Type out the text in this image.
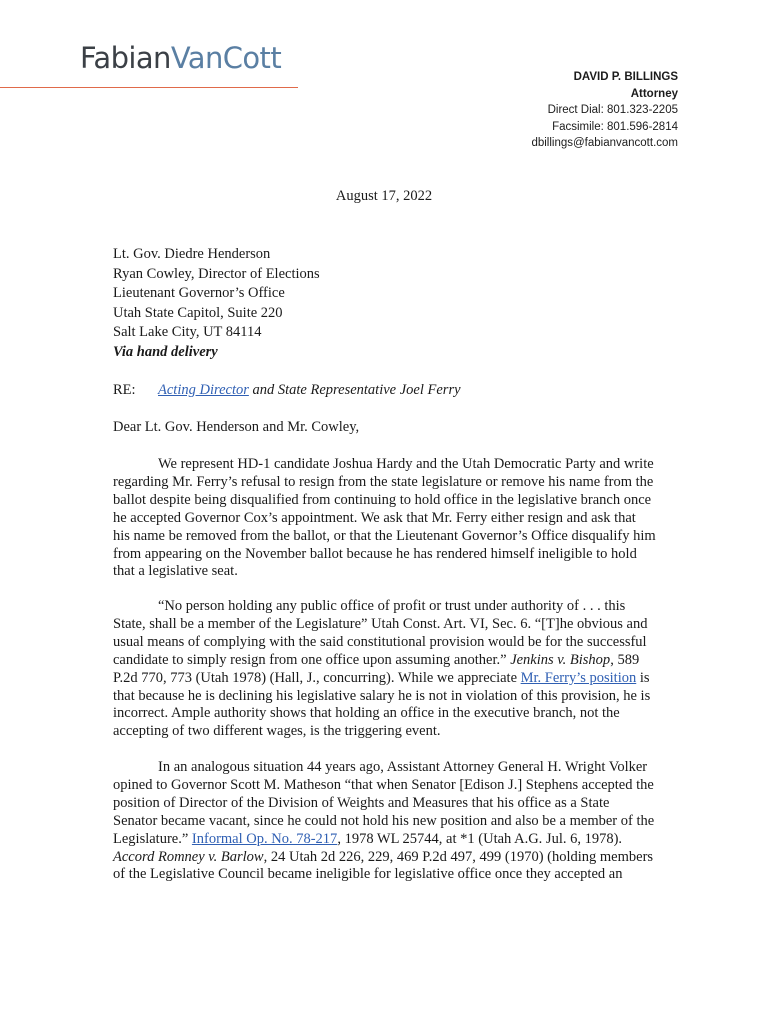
FabianVanCott
DAVID P. BILLINGS
Attorney
Direct Dial: 801.323-2205
Facsimile: 801.596-2814
dbillings@fabianvancott.com
August 17, 2022
Lt. Gov. Diedre Henderson
Ryan Cowley, Director of Elections
Lieutenant Governor’s Office
Utah State Capitol, Suite 220
Salt Lake City, UT 84114
Via hand delivery
RE: Acting Director and State Representative Joel Ferry
Dear Lt. Gov. Henderson and Mr. Cowley,
We represent HD-1 candidate Joshua Hardy and the Utah Democratic Party and write
regarding Mr. Ferry’s refusal to resign from the state legislature or remove his name from the
ballot despite being disqualified from continuing to hold office in the legislative branch once
he accepted Governor Cox’s appointment. We ask that Mr. Ferry either resign and ask that
his name be removed from the ballot, or that the Lieutenant Governor’s Office disqualify him
from appearing on the November ballot because he has rendered himself ineligible to hold
that a legislative seat.
“No person holding any public office of profit or trust under authority of . . . this
State, shall be a member of the Legislature” Utah Const. Art. VI, Sec. 6. “[T]he obvious and
usual means of complying with the said constitutional provision would be for the successful
candidate to simply resign from one office upon assuming another.” Jenkins v. Bishop, 589
P.2d 770, 773 (Utah 1978) (Hall, J., concurring). While we appreciate Mr. Ferry’s position is
that because he is declining his legislative salary he is not in violation of this provision, he is
incorrect. Ample authority shows that holding an office in the executive branch, not the
accepting of two different wages, is the triggering event.
In an analogous situation 44 years ago, Assistant Attorney General H. Wright Volker
opined to Governor Scott M. Matheson “that when Senator [Edison J.] Stephens accepted the
position of Director of the Division of Weights and Measures that his office as a State
Senator became vacant, since he could not hold his new position and also be a member of the
Legislature.” Informal Op. No. 78-217, 1978 WL 25744, at *1 (Utah A.G. Jul. 6, 1978).
Accord Romney v. Barlow, 24 Utah 2d 226, 229, 469 P.2d 497, 499 (1970) (holding members
of the Legislative Council became ineligible for legislative office once they accepted an
